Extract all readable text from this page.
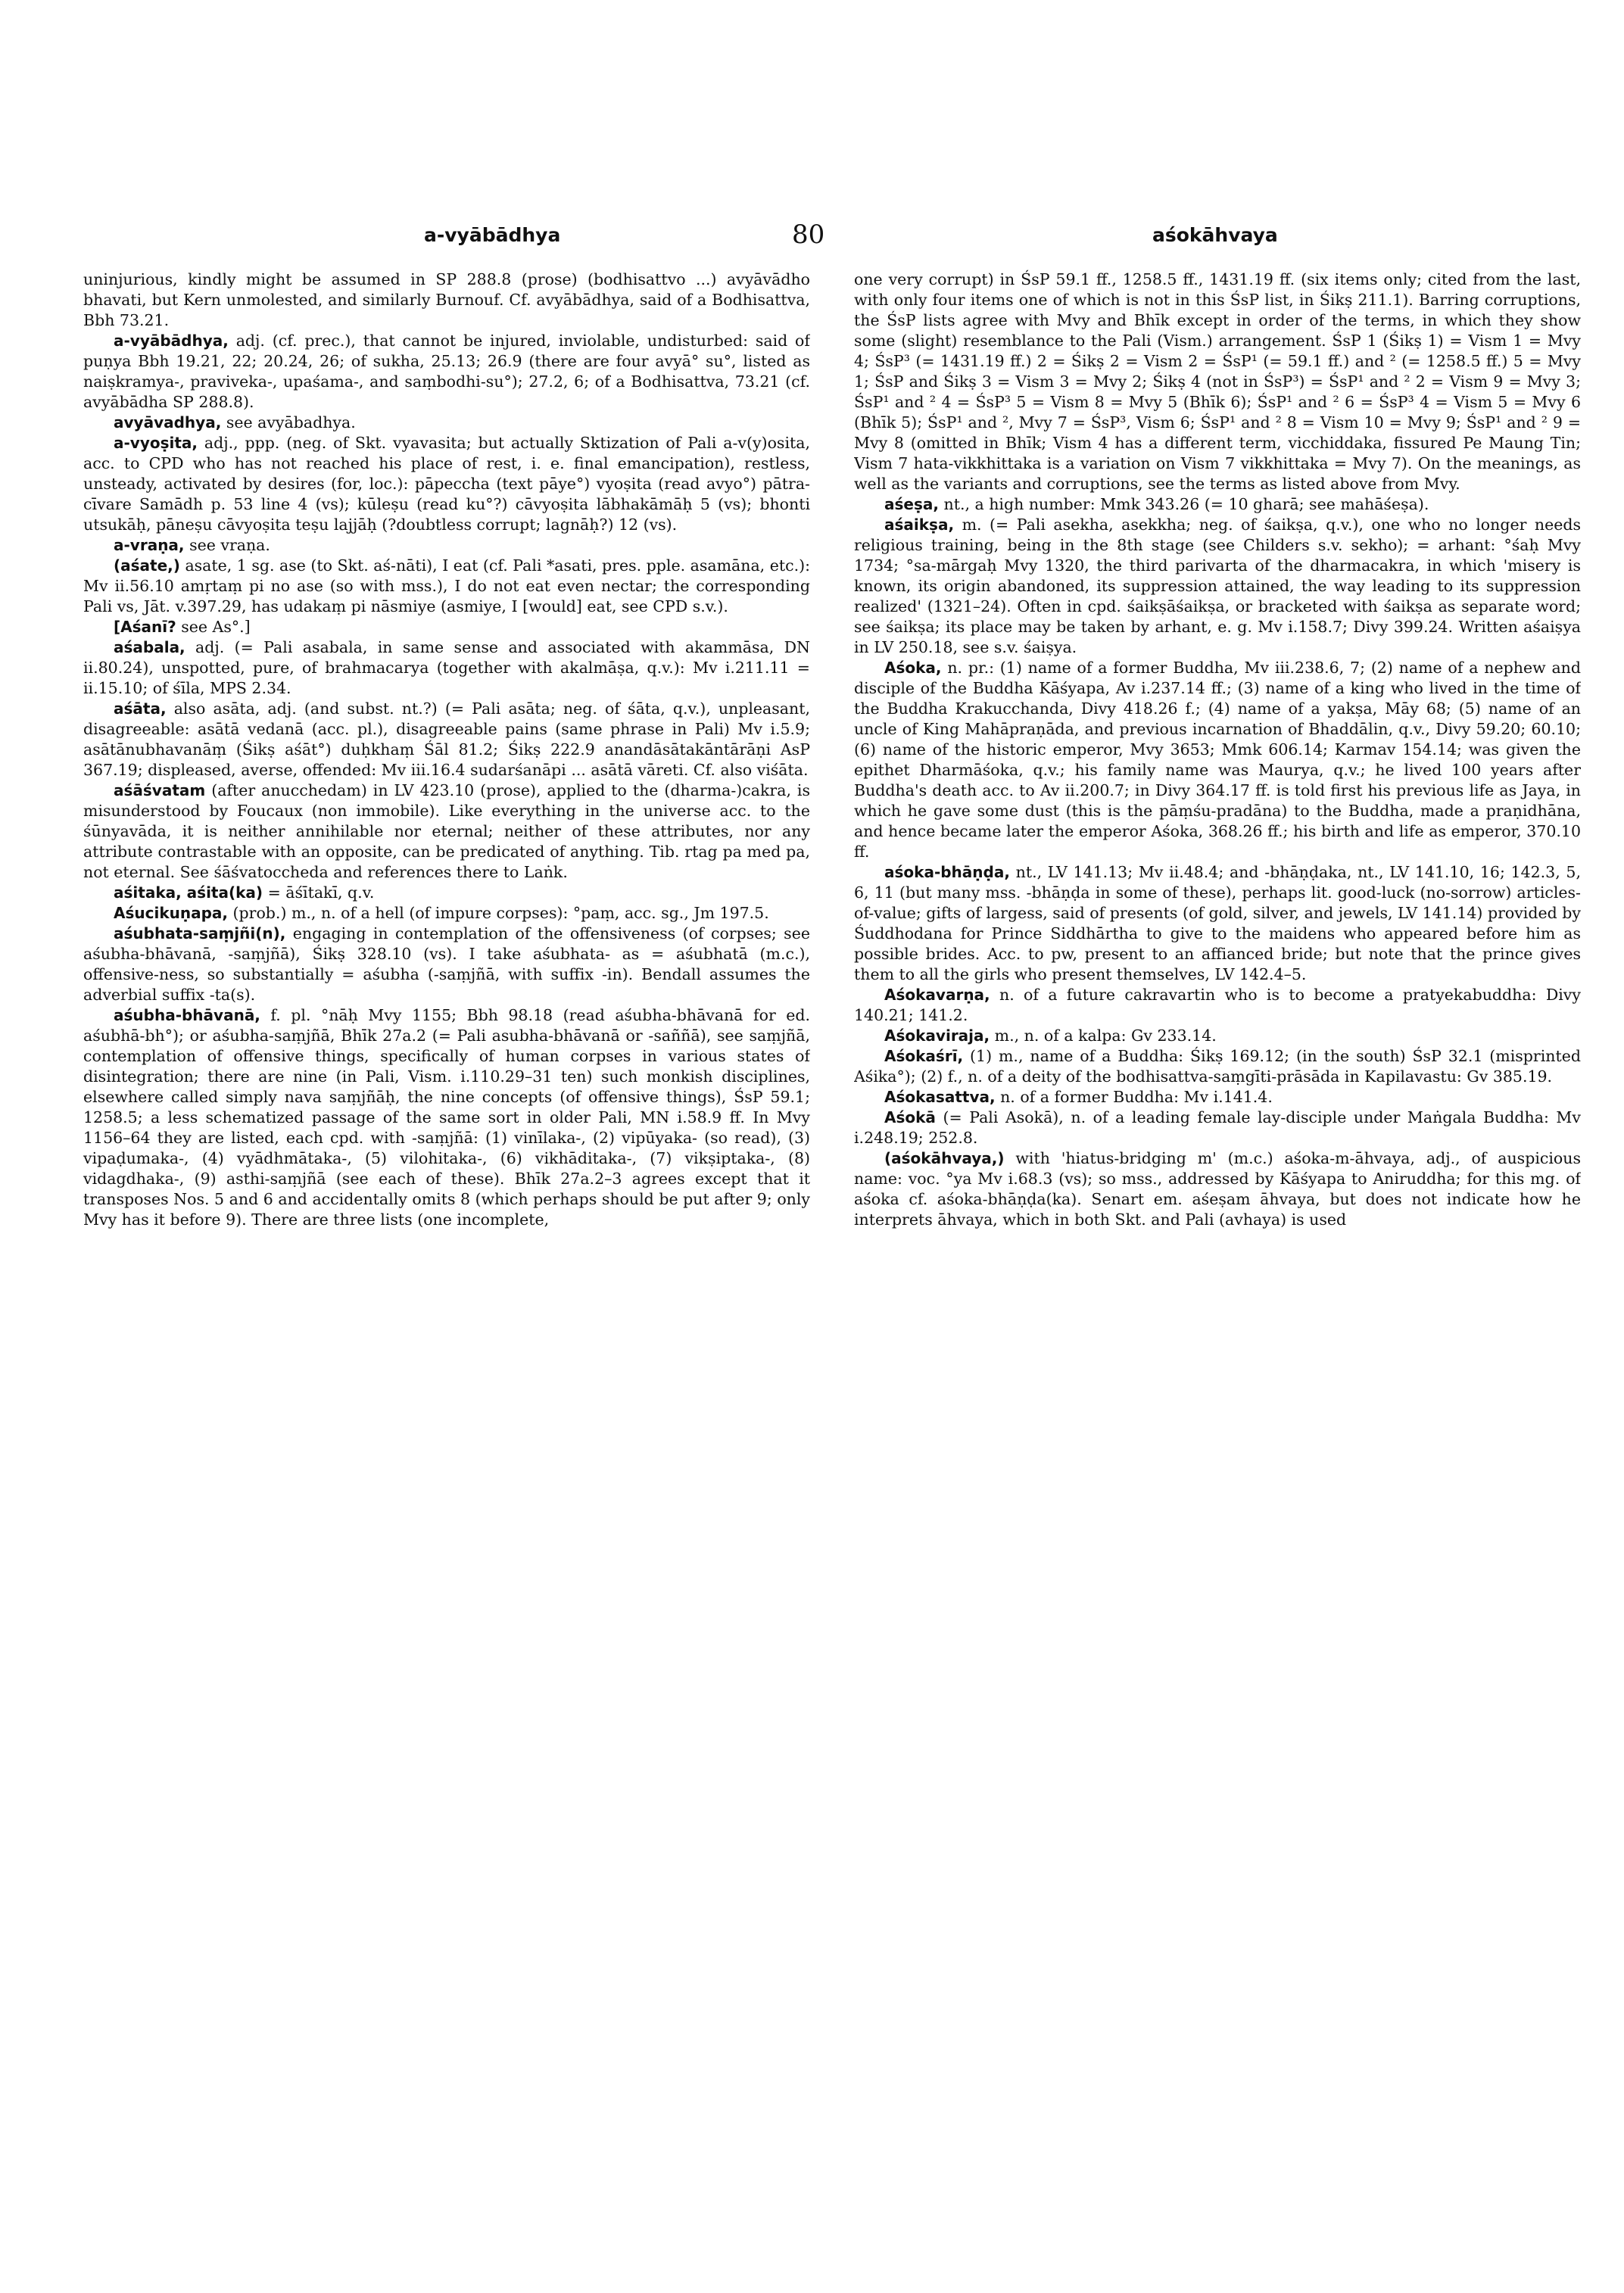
a-vyābādhya	80	aśokāhvaya

uninjurious, kindly might be assumed in SP 288.8 (prose) (bodhisattvo ...) avyāvādho bhavati, but Kern unmolested, and similarly Burnouf. Cf. avyābādhya, said of a Bodhisattva, Bbh 73.21.

a-vyābādhya, adj. (cf. prec.), that cannot be injured, inviolable, undisturbed: said of puṇya Bbh 19.21, 22; 20.24, 26; of sukha, 25.13; 26.9 (there are four avyā° su°, listed as naiṣkramya-, praviveka-, upaśama-, and saṃbodhi-su°); 27.2, 6; of a Bodhisattva, 73.21 (cf. avyābādha SP 288.8).

avyāvadhya, see avyābadhya.

a-vyoṣita, adj., ppp. (neg. of Skt. vyavasita; but actually Sktization of Pali a-v(y)osita, acc. to CPD who has not reached his place of rest, i. e. final emancipation), restless, unsteady, activated by desires (for, loc.): pāpeccha (text pāye°) vyoṣita (read avyo°) pātra-cīvare Samādh p. 53 line 4 (vs); kūleṣu (read ku°?) cāvyoṣita lābhakāmāḥ 5 (vs); bhonti utsukāḥ, pāneṣu cāvyoṣita teṣu lajjāḥ (?doubtless corrupt; lagnāḥ?) 12 (vs).

a-vraṇa, see vraṇa.

(aśate,) asate, 1 sg. ase (to Skt. aś-nāti), I eat (cf. Pali *asati, pres. pple. asamāna, etc.): Mv ii.56.10 amṛtaṃ pi no ase (so with mss.), I do not eat even nectar; the corresponding Pali vs, Jāt. v.397.29, has udakaṃ pi nāsmiye (asmiye, I [would] eat, see CPD s.v.).

[Aśanī? see As°.]

aśabala, adj. (= Pali asabala, in same sense and associated with akammāsa, DN ii.80.24), unspotted, pure, of brahmacarya (together with akalmāṣa, q.v.): Mv i.211.11 = ii.15.10; of śīla, MPS 2.34.

aśāta, also asāta, adj. (and subst. nt.?) (= Pali asāta; neg. of śāta, q.v.), unpleasant, disagreeable: asātā vedanā (acc. pl.), disagreeable pains (same phrase in Pali) Mv i.5.9; asātānubhavanāṃ (Śikṣ aśāt°) duḥkhaṃ Śāl 81.2; Śikṣ 222.9 anandāsātakāntārāṇi AsP 367.19; displeased, averse, offended: Mv iii.16.4 sudarśanāpi ... asātā vāreti. Cf. also viśāta.

aśāśvatam (after anucchedam) in LV 423.10 (prose), applied to the (dharma-)cakra, is misunderstood by Foucaux (non immobile). Like everything in the universe acc. to the śūnyavāda, it is neither annihilable nor eternal; neither of these attributes, nor any attribute contrastable with an opposite, can be predicated of anything. Tib. rtag pa med pa, not eternal. See śāśvatoccheda and references there to Laṅk.

aśitaka, aśita(ka) = āśītakī, q.v.

Aśucikuṇapa, (prob.) m., n. of a hell (of impure corpses): °paṃ, acc. sg., Jm 197.5.

aśubhata-saṃjñi(n), engaging in contemplation of the offensiveness (of corpses; see aśubha-bhāvanā, -saṃjñā), Śikṣ 328.10 (vs). I take aśubhata- as = aśubhatā (m.c.), offensive-ness, so substantially = aśubha (-saṃjñā, with suffix -in). Bendall assumes the adverbial suffix -ta(s).

aśubha-bhāvanā, f. pl. °nāḥ Mvy 1155; Bbh 98.18 (read aśubha-bhāvanā for ed. aśubhā-bh°); or aśubha-saṃjñā, Bhīk 27a.2 (= Pali asubha-bhāvanā or -saññā), see saṃjñā, contemplation of offensive things, specifically of human corpses in various states of disintegration; there are nine (in Pali, Vism. i.110.29–31 ten) such monkish disciplines, elsewhere called simply nava saṃjñāḥ, the nine concepts (of offensive things), ŚsP 59.1; 1258.5; a less schematized passage of the same sort in older Pali, MN i.58.9 ff. In Mvy 1156–64 they are listed, each cpd. with -saṃjñā: (1) vinīlaka-, (2) vipūyaka- (so read), (3) vipaḍumaka-, (4) vyādhmātaka-, (5) vilohitaka-, (6) vikhāditaka-, (7) vikṣiptaka-, (8) vidagdhaka-, (9) asthi-saṃjñā (see each of these). Bhīk 27a.2–3 agrees except that it transposes Nos. 5 and 6 and accidentally omits 8 (which perhaps should be put after 9; only Mvy has it before 9). There are three lists (one incomplete,

one very corrupt) in ŚsP 59.1 ff., 1258.5 ff., 1431.19 ff. (six items only; cited from the last, with only four items one of which is not in this ŚsP list, in Śikṣ 211.1). Barring corruptions, the ŚsP lists agree with Mvy and Bhīk except in order of the terms, in which they show some (slight) resemblance to the Pali (Vism.) arrangement. ŚsP 1 (Śikṣ 1) = Vism 1 = Mvy 4; ŚsP³ (= 1431.19 ff.) 2 = Śikṣ 2 = Vism 2 = ŚsP¹ (= 59.1 ff.) and ² (= 1258.5 ff.) 5 = Mvy 1; ŚsP and Śikṣ 3 = Vism 3 = Mvy 2; Śikṣ 4 (not in ŚsP³) = ŚsP¹ and ² 2 = Vism 9 = Mvy 3; ŚsP¹ and ² 4 = ŚsP³ 5 = Vism 8 = Mvy 5 (Bhīk 6); ŚsP¹ and ² 6 = ŚsP³ 4 = Vism 5 = Mvy 6 (Bhīk 5); ŚsP¹ and ², Mvy 7 = ŚsP³, Vism 6; ŚsP¹ and ² 8 = Vism 10 = Mvy 9; ŚsP¹ and ² 9 = Mvy 8 (omitted in Bhīk; Vism 4 has a different term, vicchiddaka, fissured Pe Maung Tin; Vism 7 hata-vikkhittaka is a variation on Vism 7 vikkhittaka = Mvy 7). On the meanings, as well as the variants and corruptions, see the terms as listed above from Mvy.

aśeṣa, nt., a high number: Mmk 343.26 (= 10 gharā; see mahāśeṣa).

aśaikṣa, m. (= Pali asekha, asekkha; neg. of śaikṣa, q.v.), one who no longer needs religious training, being in the 8th stage (see Childers s.v. sekho); = arhant: °śaḥ Mvy 1734; °sa-mārgaḥ Mvy 1320, the third parivarta of the dharmacakra, in which 'misery is known, its origin abandoned, its suppression attained, the way leading to its suppression realized' (1321–24). Often in cpd. śaikṣāśaikṣa, or bracketed with śaikṣa as separate word; see śaikṣa; its place may be taken by arhant, e. g. Mv i.158.7; Divy 399.24. Written aśaiṣya in LV 250.18, see s.v. śaiṣya.

Aśoka, n. pr.: (1) name of a former Buddha, Mv iii.238.6, 7; (2) name of a nephew and disciple of the Buddha Kāśyapa, Av i.237.14 ff.; (3) name of a king who lived in the time of the Buddha Krakucchanda, Divy 418.26 f.; (4) name of a yakṣa, Māy 68; (5) name of an uncle of King Mahāpraṇāda, and previous incarnation of Bhaddālin, q.v., Divy 59.20; 60.10; (6) name of the historic emperor, Mvy 3653; Mmk 606.14; Karmav 154.14; was given the epithet Dharmāśoka, q.v.; his family name was Maurya, q.v.; he lived 100 years after Buddha's death acc. to Av ii.200.7; in Divy 364.17 ff. is told first his previous life as Jaya, in which he gave some dust (this is the pāṃśu-pradāna) to the Buddha, made a praṇidhāna, and hence became later the emperor Aśoka, 368.26 ff.; his birth and life as emperor, 370.10 ff.

aśoka-bhāṇḍa, nt., LV 141.13; Mv ii.48.4; and -bhāṇḍaka, nt., LV 141.10, 16; 142.3, 5, 6, 11 (but many mss. -bhāṇḍa in some of these), perhaps lit. good-luck (no-sorrow) articles-of-value; gifts of largess, said of presents (of gold, silver, and jewels, LV 141.14) provided by Śuddhodana for Prince Siddhārtha to give to the maidens who appeared before him as possible brides. Acc. to pw, present to an affianced bride; but note that the prince gives them to all the girls who present themselves, LV 142.4–5.

Aśokavarṇa, n. of a future cakravartin who is to become a pratyekabuddha: Divy 140.21; 141.2.

Aśokaviraja, m., n. of a kalpa: Gv 233.14.

Aśokaśrī, (1) m., name of a Buddha: Śikṣ 169.12; (in the south) ŚsP 32.1 (misprinted Aśika°); (2) f., n. of a deity of the bodhisattva-saṃgīti-prāsāda in Kapilavastu: Gv 385.19.

Aśokasattva, n. of a former Buddha: Mv i.141.4.

Aśokā (= Pali Asokā), n. of a leading female lay-disciple under Maṅgala Buddha: Mv i.248.19; 252.8.

(aśokāhvaya,) with 'hiatus-bridging m' (m.c.) aśoka-m-āhvaya, adj., of auspicious name: voc. °ya Mv i.68.3 (vs); so mss., addressed by Kāśyapa to Aniruddha; for this mg. of aśoka cf. aśoka-bhāṇḍa(ka). Senart em. aśeṣam āhvaya, but does not indicate how he interprets āhvaya, which in both Skt. and Pali (avhaya) is used
